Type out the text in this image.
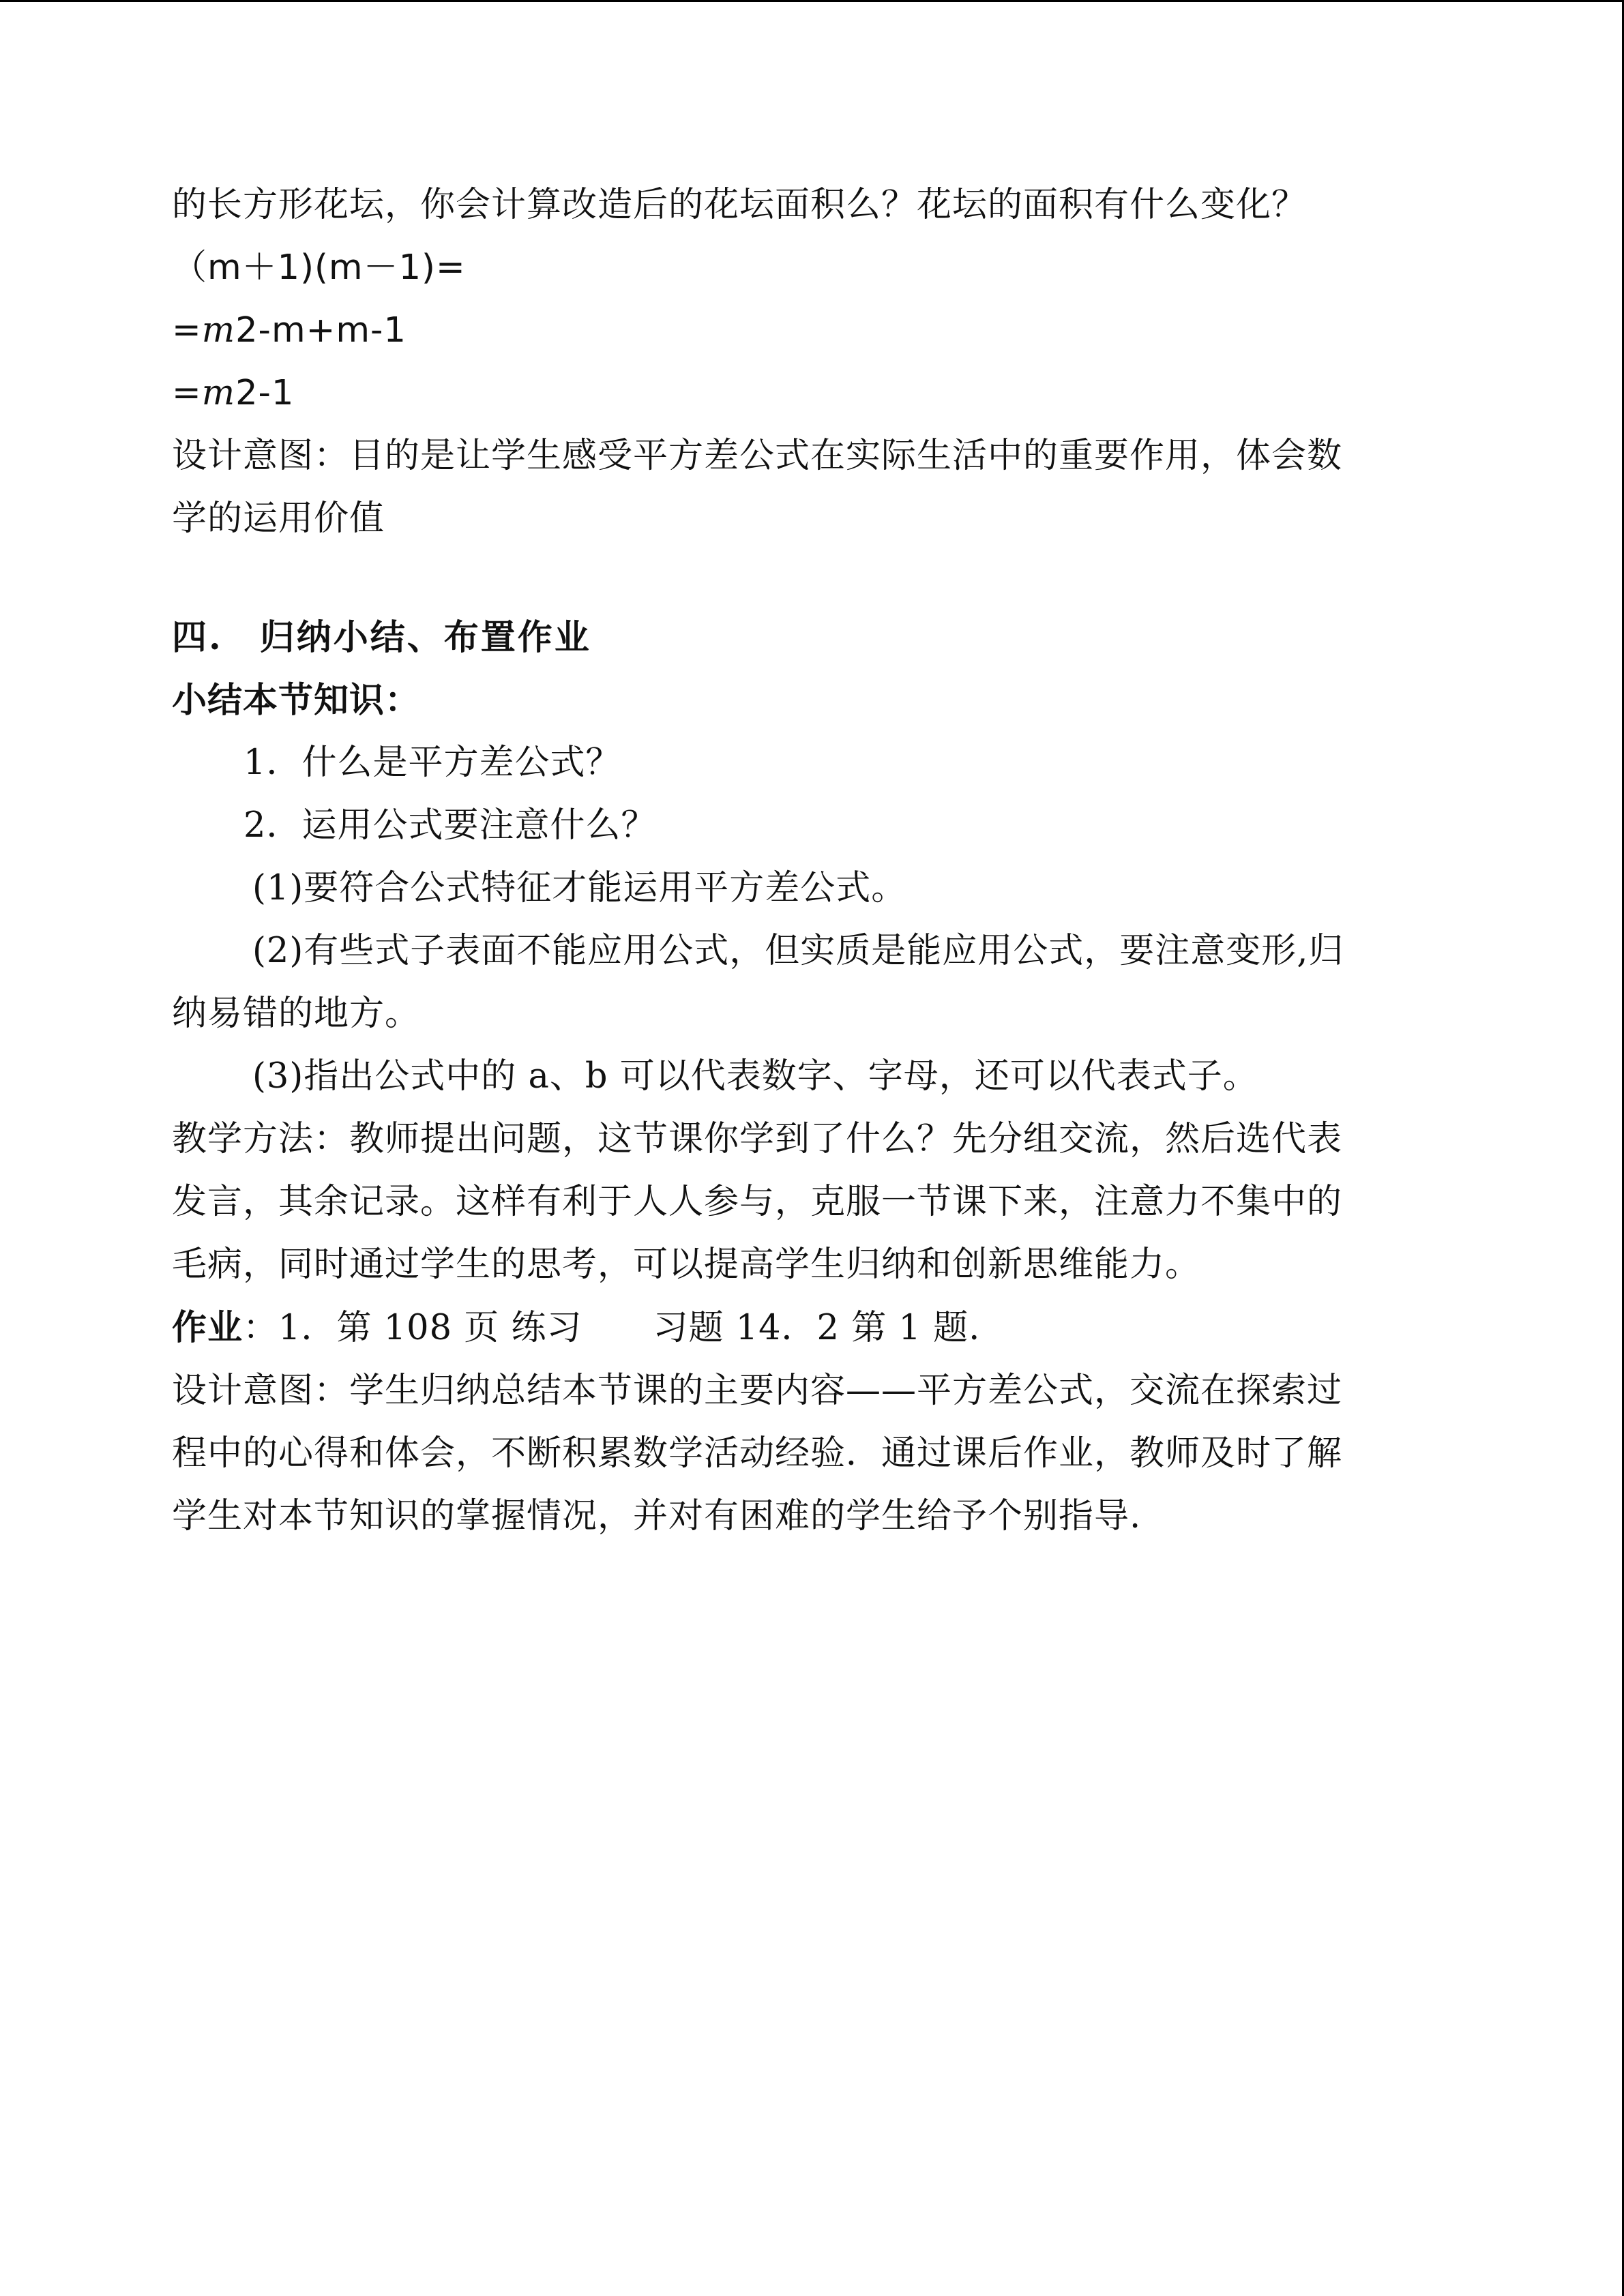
的长方形花坛，你会计算改造后的花坛面积么？花坛的面积有什么变化？
（m＋1)(m－1)=
=m2-m+m-1
=m2-1
设计意图：目的是让学生感受平方差公式在实际生活中的重要作用，体会数
学的运用价值
四.　归纳小结、布置作业
小结本节知识：
1．什么是平方差公式？
2．运用公式要注意什么？
(1)要符合公式特征才能运用平方差公式。
(2)有些式子表面不能应用公式，但实质是能应用公式，要注意变形,归
纳易错的地方。
(3)指出公式中的 a、b 可以代表数字、字母，还可以代表式子。
教学方法：教师提出问题，这节课你学到了什么？先分组交流，然后选代表
发言，其余记录。这样有利于人人参与，克服一节课下来，注意力不集中的
毛病，同时通过学生的思考，可以提高学生归纳和创新思维能力。
作业：1．第 108 页 练习　　习题 14．2 第 1 题.
设计意图：学生归纳总结本节课的主要内容——平方差公式，交流在探索过
程中的心得和体会，不断积累数学活动经验．通过课后作业，教师及时了解
学生对本节知识的掌握情况，并对有困难的学生给予个别指导.
